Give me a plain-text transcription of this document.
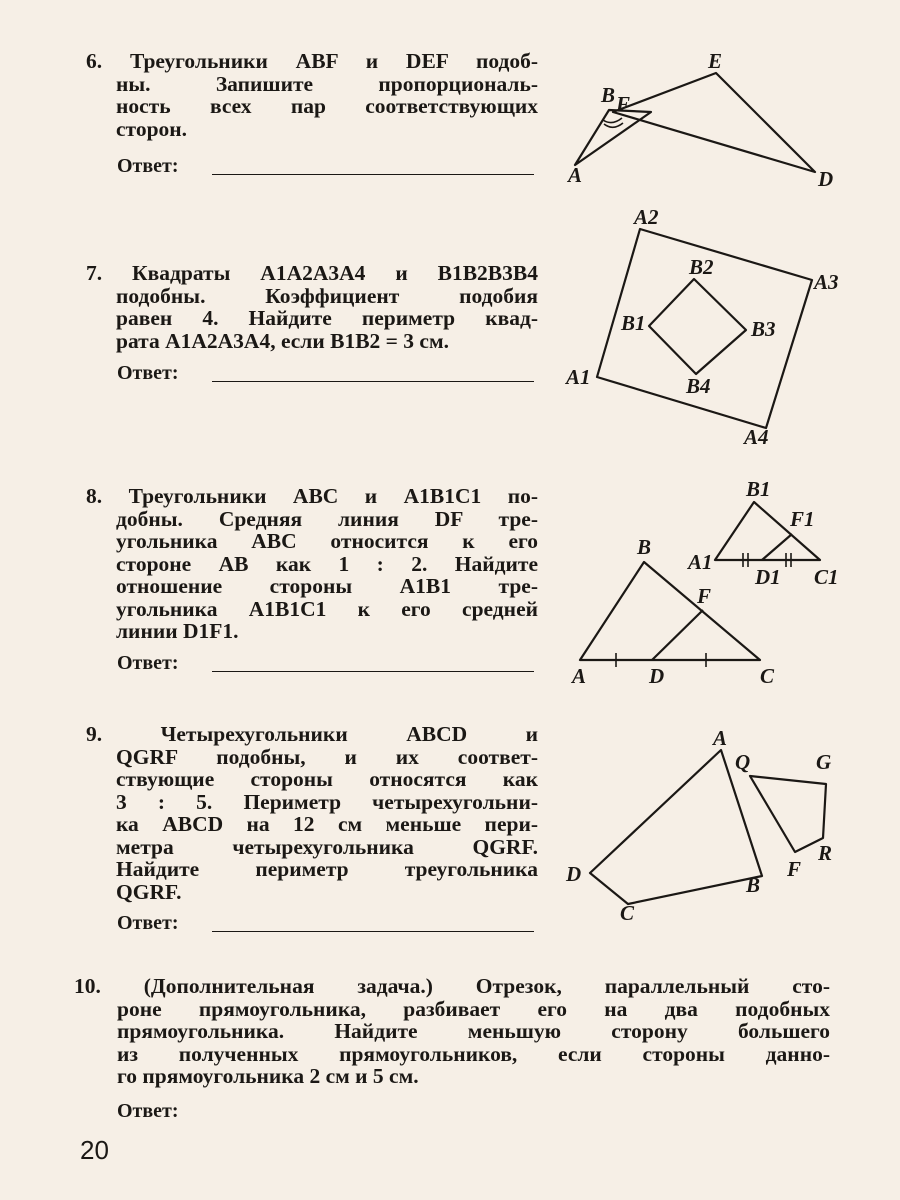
6. Треугольники ABF и DEF подоб-
ны. Запишите пропорциональ-
ность всех пар соответствующих
сторон.
Ответ:
7. Квадраты A1A2A3A4 и B1B2B3B4
подобны. Коэффициент подобия
равен 4. Найдите периметр квад-
рата A1A2A3A4, если B1B2 = 3 см.
Ответ:
8. Треугольники ABC и A1B1C1 по-
добны. Средняя линия DF тре-
угольника ABC относится к его
стороне AB как 1 : 2. Найдите
отношение стороны A1B1 тре-
угольника A1B1C1 к его средней
линии D1F1.
Ответ:
9. Четырехугольники ABCD и
QGRF подобны, и их соответ-
ствующие стороны относятся как
3 : 5. Периметр четырехугольни-
ка ABCD на 12 см меньше пери-
метра четырехугольника QGRF.
Найдите периметр треугольника
QGRF.
Ответ:
10. (Дополнительная задача.) Отрезок, параллельный сто-
роне прямоугольника, разбивает его на два подобных
прямоугольника. Найдите меньшую сторону большего
из полученных прямоугольников, если стороны данно-
го прямоугольника 2 см и 5 см.
Ответ:
20
A
B F
E
D
A2
A3
A1
A4
B2
B1	B3
B4
B1
F1
A1
D1 C1
B
F
A	D	C
A
Q	G
R
F
D	B
C
